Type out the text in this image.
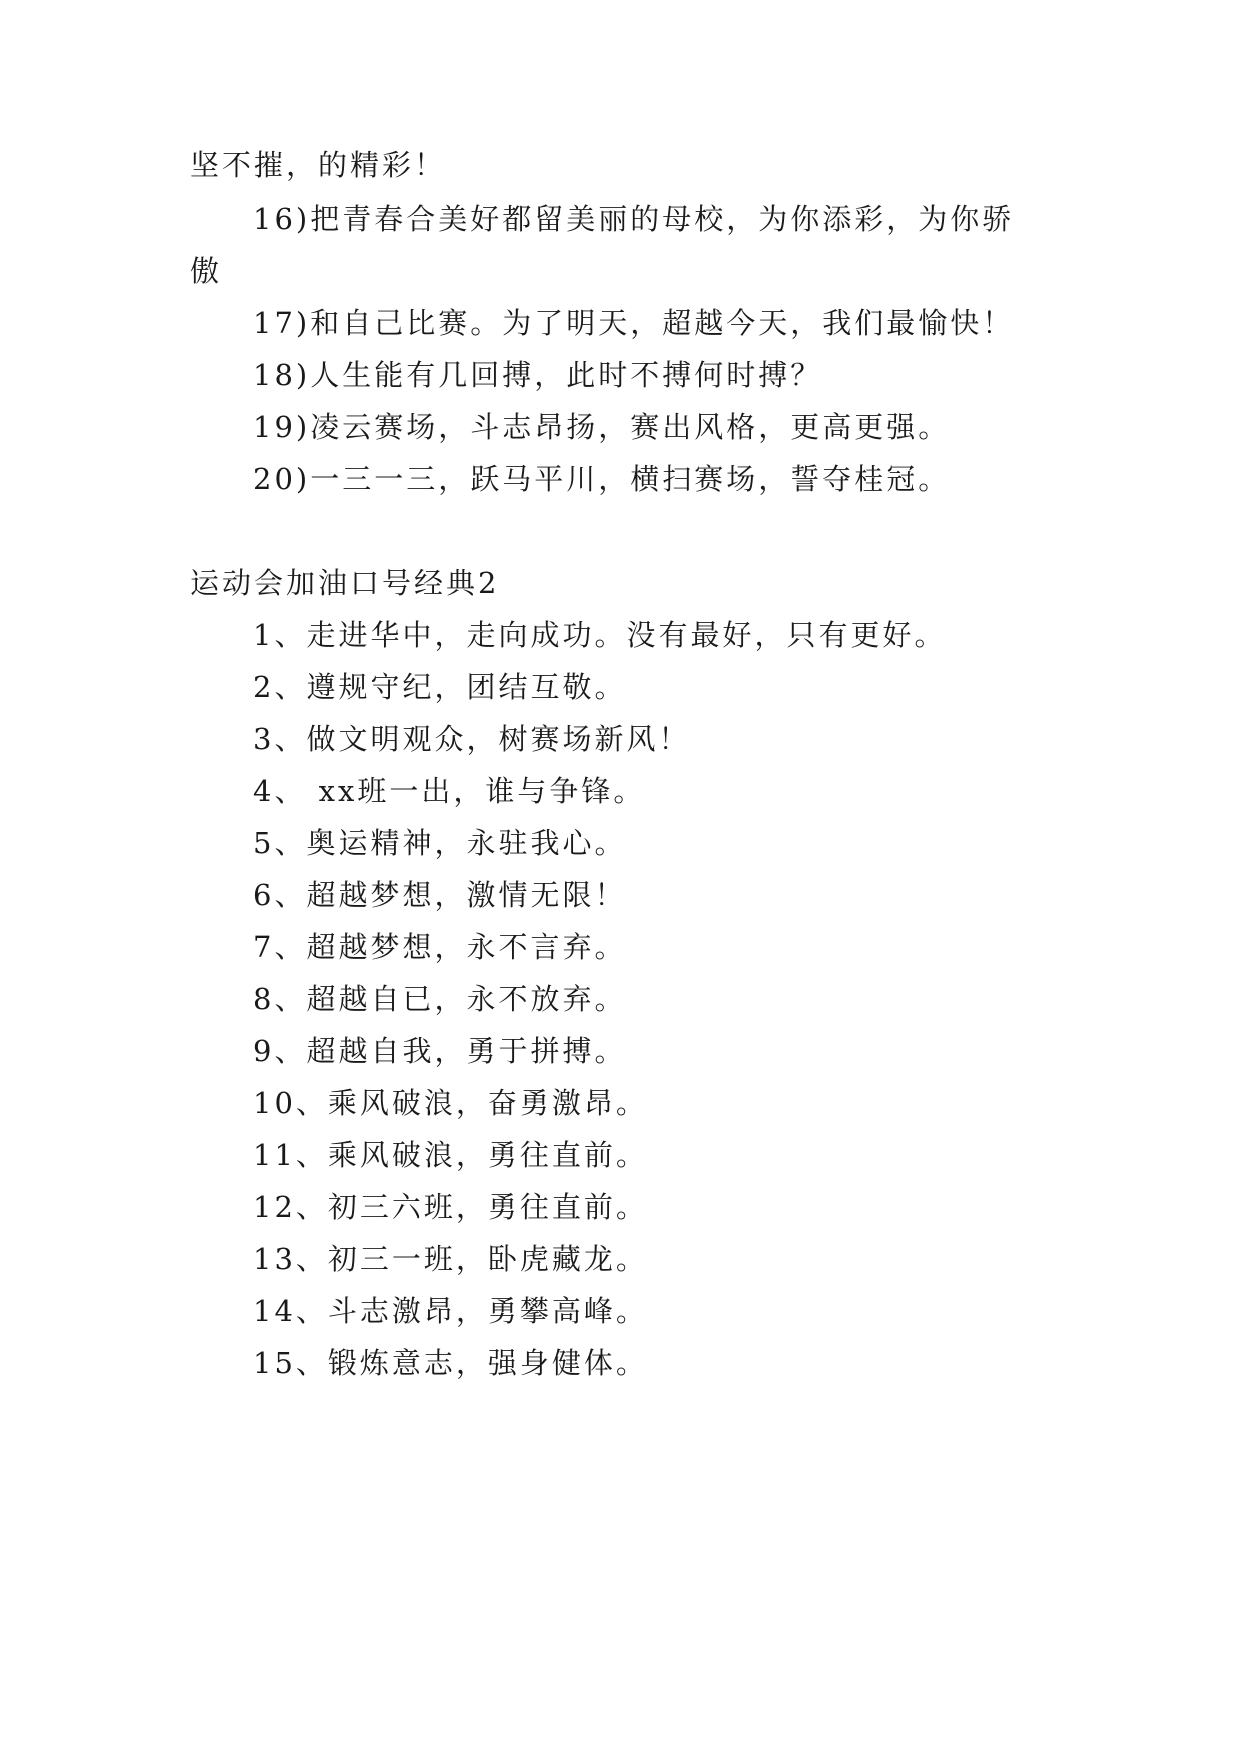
坚不摧，的精彩！
16)把青春合美好都留美丽的母校，为你添彩，为你骄
傲
17)和自己比赛。为了明天，超越今天，我们最愉快！
18)人生能有几回搏，此时不搏何时搏？
19)凌云赛场，斗志昂扬，赛出风格，更高更强。
20)一三一三，跃马平川，横扫赛场，誓夺桂冠。
运动会加油口号经典2
1、走进华中，走向成功。没有最好，只有更好。
2、遵规守纪，团结互敬。
3、做文明观众，树赛场新风！
4、 xx班一出，谁与争锋。
5、奥运精神，永驻我心。
6、超越梦想，激情无限！
7、超越梦想，永不言弃。
8、超越自已，永不放弃。
9、超越自我，勇于拼搏。
10、乘风破浪，奋勇激昂。
11、乘风破浪，勇往直前。
12、初三六班，勇往直前。
13、初三一班，卧虎藏龙。
14、斗志激昂，勇攀高峰。
15、锻炼意志，强身健体。
